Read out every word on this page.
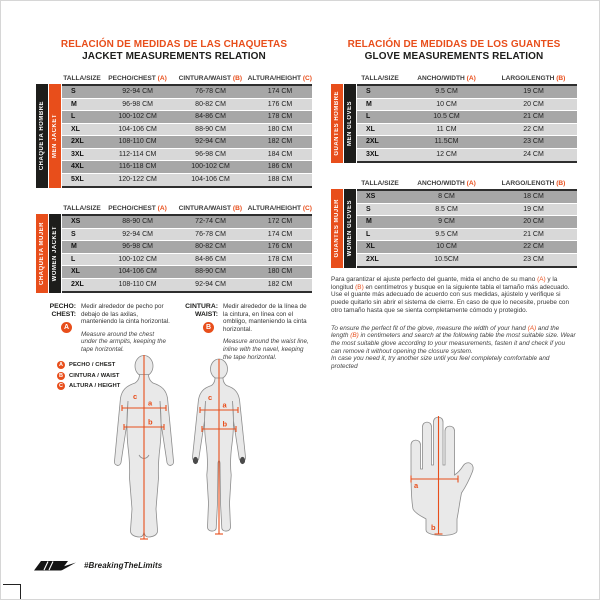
RELACIÓN DE MEDIDAS DE LAS CHAQUETAS
JACKET MEASUREMENTS RELATION
CHAQUETA HOMBRE MEN JACKET
TALLA/SIZE	PECHO/CHEST (A)	CINTURA/WAIST (B) ALTURA/HEIGHT (C)
S	92-94 CM	76-78 CM	174 CM
M	96-98 CM	80-82 CM	176 CM
L	100-102 CM	84-86 CM	178 CM
XL	104-106 CM	88-90 CM	180 CM
2XL	108-110 CM	92-94 CM	182 CM
3XL	112-114 CM	96-98 CM	184 CM
4XL	116-118 CM	100-102 CM	186 CM
5XL	120-122 CM	104-106 CM	188 CM
CHAQUETA MUJER WOMEN JACKET
TALLA/SIZE	PECHO/CHEST (A)	CINTURA/WAIST (B) ALTURA/HEIGHT (C)
XS	88-90 CM	72-74 CM	172 CM
S	92-94 CM	76-78 CM	174 CM
M	96-98 CM	80-82 CM	176 CM
L	100-102 CM	84-86 CM	178 CM
XL	104-106 CM	88-90 CM	180 CM
2XL	108-110 CM	92-94 CM	182 CM
PECHO:
CHEST:
A
Medir alrededor de pecho por debajo de las axilas, manteniendo la cinta horizontal.
Measure around the chest under the armpits, keeping the tape horizontal.
CINTURA:
WAIST:
B
Medir alrededor de la línea de la cintura, en línea con el ombligo, manteniendo la cinta horizontal.
Measure around the waist line, inline with the navel, keeping the tape horizontal.
A	PECHO / CHEST
B	CINTURA / WAIST
C	ALTURA / HEIGHT
c
a
b
c
a
b
RELACIÓN DE MEDIDAS DE LOS GUANTES
GLOVE MEASUREMENTS RELATION
GUANTES HOMBRE MEN GLOVES
TALLA/SIZE	ANCHO/WIDTH (A)	LARGO/LENGTH (B)
S	9.5 CM	19 CM
M	10 CM	20 CM
L	10.5 CM	21 CM
XL	11 CM	22 CM
2XL	11.5CM	23 CM
3XL	12 CM	24 CM
GUANTES MUJER WOMEN GLOVES
TALLA/SIZE	ANCHO/WIDTH (A)	LARGO/LENGTH (B)
XS	8 CM	18 CM
S	8.5 CM	19 CM
M	9 CM	20 CM
L	9.5 CM	21 CM
XL	10 CM	22 CM
2XL	10.5CM	23 CM
Para garantizar el ajuste perfecto del guante, mida el ancho de su mano (A) y la longitud (B) en centímetros y busque en la siguiente tabla el tamaño más adecuado.
Use el guante más adecuado de acuerdo con sus medidas, ajústelo y verifique si puede quitarlo sin abrir el sistema de cierre. En caso de que lo necesite, pruebe con otro tamaño hasta que se sienta completamente cómodo y protegido.
To ensure the perfect fit of the glove, measure the width of your hand (A) and the length (B) in centimeters and search at the following table the most suitable size. Wear the most suitable glove according to your measurements, fasten it and check if you can remove it without opening the closure system.
In case you need it, try another size until you feel completely comfortable and protected
a
b
#BreakingTheLimits
